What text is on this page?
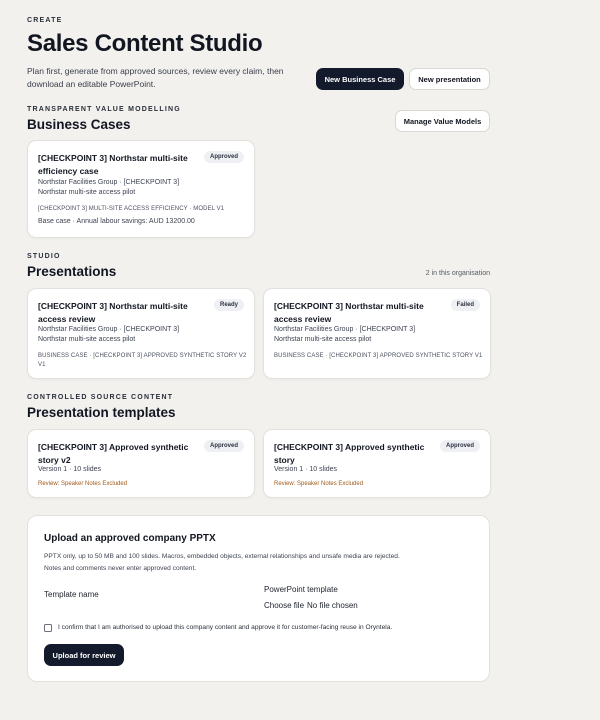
CREATE
Sales Content Studio
Plan first, generate from approved sources, review every claim, then
download an editable PowerPoint.	New Business Case	New presentation
TRANSPARENT VALUE MODELLING
Business Cases	Manage Value Models
[CHECKPOINT 3] Northstar multi-site
efficiency case
Approved
Northstar Facilities Group · [CHECKPOINT 3]
Northstar multi-site access pilot
[CHECKPOINT 3] MULTI-SITE ACCESS EFFICIENCY · MODEL V1
Base case · Annual labour savings: AUD 13200.00
STUDIO
Presentations	2 in this organisation
[CHECKPOINT 3] Northstar multi-site
access review
Ready
Northstar Facilities Group · [CHECKPOINT 3]
Northstar multi-site access pilot
BUSINESS CASE · [CHECKPOINT 3] APPROVED SYNTHETIC STORY V2
V1
[CHECKPOINT 3] Northstar multi-site
access review
Failed
Northstar Facilities Group · [CHECKPOINT 3]
Northstar multi-site access pilot
BUSINESS CASE · [CHECKPOINT 3] APPROVED SYNTHETIC STORY V1
CONTROLLED SOURCE CONTENT
Presentation templates
[CHECKPOINT 3] Approved synthetic
story v2
Approved
Version 1 · 10 slides
Review: Speaker Notes Excluded
[CHECKPOINT 3] Approved synthetic
story
Approved
Version 1 · 10 slides
Review: Speaker Notes Excluded
Upload an approved company PPTX
PPTX only, up to 50 MB and 100 slides. Macros, embedded objects, external relationships and unsafe media are rejected.
Notes and comments never enter approved content.
Template name
PowerPoint template
Choose file No file chosen
I confirm that I am authorised to upload this company content and approve it for customer-facing reuse in Oryntela.
Upload for review
